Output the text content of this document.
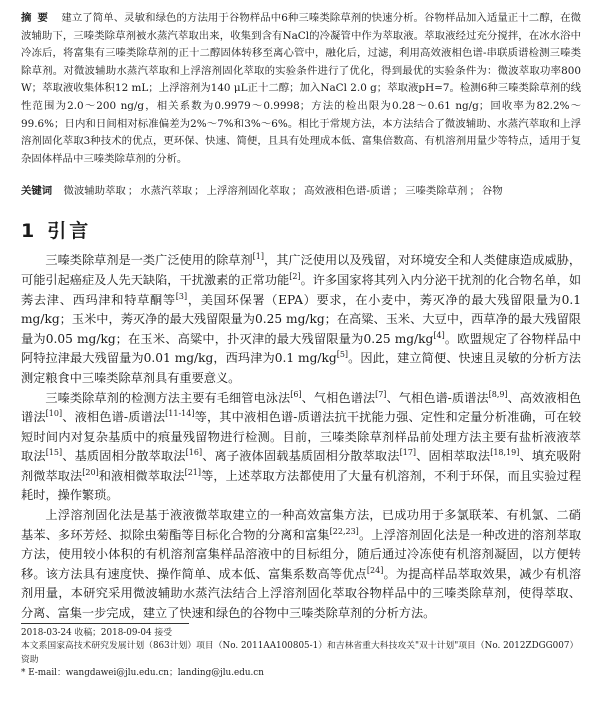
摘要 建立了简单、灵敏和绿色的方法用于谷物样品中6种三嗪类除草剂的快速分析。谷物样品加入适量正十二醇，在微波辅助下，三嗪类除草剂被水蒸汽萃取出来，收集到含有NaCl的冷凝管中作为萃取液。萃取液经过充分搅拌，在冰水浴中冷冻后，将富集有三嗪类除草剂的正十二醇固体转移至离心管中，融化后，过滤，利用高效液相色谱-串联质谱检测三嗪类除草剂。对微波辅助水蒸汽萃取和上浮溶剂固化萃取的实验条件进行了优化，得到最优的实验条件为：微波萃取功率800 W；萃取液收集体积12 mL；上浮溶剂为140 μL正十二醇；加入NaCl 2.0 g；萃取液pH=7。检测6种三嗪类除草剂的线性范围为2.0～200 ng/g，相关系数为0.9979～0.9998；方法的检出限为0.28～0.61 ng/g；回收率为82.2%～99.6%；日内和日间相对标准偏差为2%～7%和3%～6%。相比于常规方法，本方法结合了微波辅助、水蒸汽萃取和上浮溶剂固化萃取3种技术的优点，更环保、快速、简便，且具有处理成本低、富集倍数高、有机溶剂用量少等特点，适用于复杂固体样品中三嗪类除草剂的分析。
关键词 微波辅助萃取 ； 水蒸汽萃取 ； 上浮溶剂固化萃取 ； 高效液相色谱-质谱 ； 三嗪类除草剂 ； 谷物
1 引言

三嗪类除草剂是一类广泛使用的除草剂[1]，其广泛使用以及残留，对环境安全和人类健康造成威胁，可能引起癌症及人先天缺陷，干扰激素的正常功能[2]。许多国家将其列入内分泌干扰剂的化合物名单，如莠去津、西玛津和特草酮等[3]，美国环保署（EPA）要求，在小麦中，莠灭净的最大残留限量为0.1 mg/kg；玉米中，莠灭净的最大残留限量为0.25 mg/kg；在高粱、玉米、大豆中，西草净的最大残留限量为0.05 mg/kg；在玉米、高粱中，扑灭津的最大残留限量为0.25 mg/kg[4]。欧盟规定了谷物样品中阿特拉津最大残留量为0.01 mg/kg，西玛津为0.1 mg/kg[5]。因此，建立简便、快速且灵敏的分析方法测定粮食中三嗪类除草剂具有重要意义。

三嗪类除草剂的检测方法主要有毛细管电泳法[6]、气相色谱法[7]、气相色谱-质谱法[8,9]、高效液相色谱法[10]、液相色谱-质谱法[11-14]等，其中液相色谱-质谱法抗干扰能力强、定性和定量分析准确，可在较短时间内对复杂基质中的痕量残留物进行检测。目前，三嗪类除草剂样品前处理方法主要有盐析液液萃取法[15]、基质固相分散萃取法[16]、离子液体固载基质固相分散萃取法[17]、固相萃取法[18,19]、填充吸附剂微萃取法[20]和液相微萃取法[21]等，上述萃取方法都使用了大量有机溶剂，不利于环保，而且实验过程耗时，操作繁琐。

上浮溶剂固化法是基于液液微萃取建立的一种高效富集方法，已成功用于多氯联苯、有机氯、二硝基苯、多环芳烃、拟除虫菊酯等目标化合物的分离和富集[22,23]。上浮溶剂固化法是一种改进的溶剂萃取方法，使用较小体积的有机溶剂富集样品溶液中的目标组分，随后通过冷冻使有机溶剂凝固，以方便转移。该方法具有速度快、操作简单、成本低、富集系数高等优点[24]。为提高样品萃取效果，减少有机溶剂用量，本研究采用微波辅助水蒸汽法结合上浮溶剂固化萃取谷物样品中的三嗪类除草剂，使得萃取、分离、富集一步完成，建立了快速和绿色的谷物中三嗪类除草剂的分析方法。

2018-03-24 收稿；2018-09-04 接受
本文系国家高技术研究发展计划（863计划）项目（No. 2011AA100805-1）和吉林省重大科技攻关"双十计划"项目（No. 2012ZDGG007）资助
* E-mail：wangdawei@jlu.edu.cn；landing@jlu.edu.cn
